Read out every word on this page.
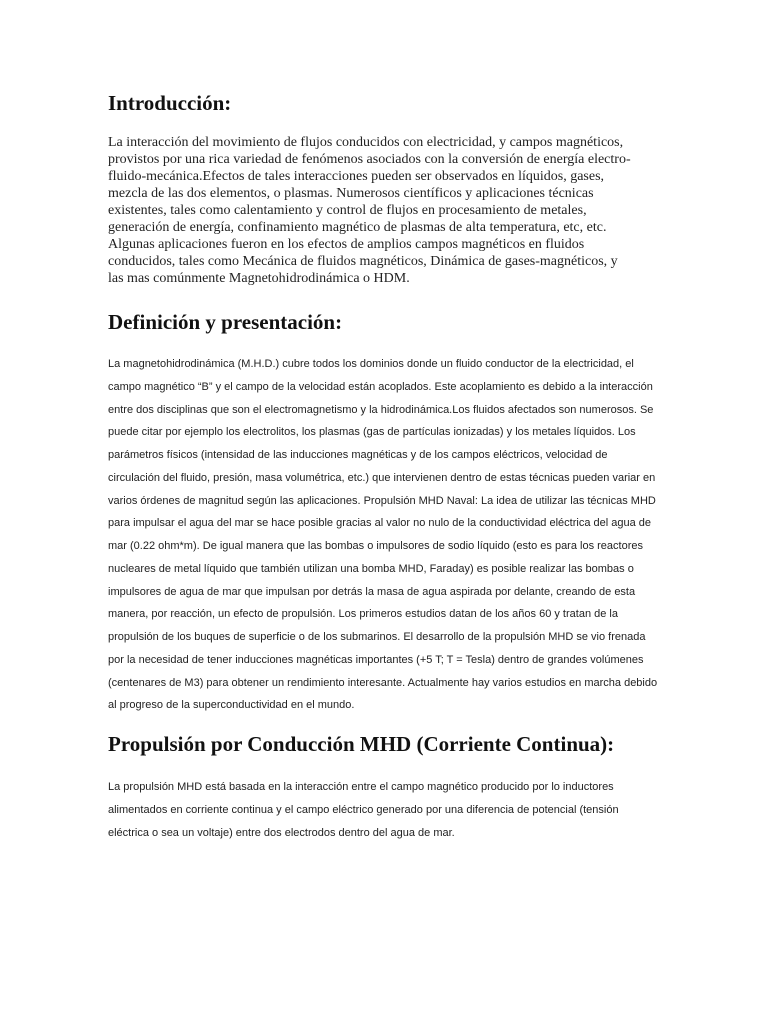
Introducción:

La interacción del movimiento de flujos conducidos con electricidad, y campos magnéticos, provistos por una rica variedad de fenómenos asociados con la conversión de energía electro-fluido-mecánica.Efectos de tales interacciones pueden ser observados en líquidos, gases, mezcla de las dos elementos, o plasmas. Numerosos científicos y aplicaciones técnicas existentes, tales como calentamiento y control de flujos en procesamiento de metales, generación de energía, confinamiento magnético de plasmas de alta temperatura, etc, etc. Algunas aplicaciones fueron en los efectos de amplios campos magnéticos en fluidos conducidos, tales como Mecánica de fluidos magnéticos, Dinámica de gases-magnéticos, y las mas comúnmente Magnetohidrodinámica o HDM.

Definición y presentación:

La magnetohidrodinámica (M.H.D.) cubre todos los dominios donde un fluido conductor de la electricidad, el campo magnético “B” y el campo de la velocidad están acoplados. Este acoplamiento es debido a la interacción entre dos disciplinas que son el electromagnetismo y la hidrodinámica.Los fluidos afectados son numerosos. Se puede citar por ejemplo los electrolitos, los plasmas (gas de partículas ionizadas) y los metales líquidos. Los parámetros físicos (intensidad de las inducciones magnéticas y de los campos eléctricos, velocidad de circulación del fluido, presión, masa volumétrica, etc.) que intervienen dentro de estas técnicas pueden variar en varios órdenes de magnitud según las aplicaciones. Propulsión MHD Naval: La idea de utilizar las técnicas MHD para impulsar el agua del mar se hace posible gracias al valor no nulo de la conductividad eléctrica del agua de mar (0.22 ohm*m). De igual manera que las bombas o impulsores de sodio líquido (esto es para los reactores nucleares de metal líquido que también utilizan una bomba MHD, Faraday) es posible realizar las bombas o impulsores de agua de mar que impulsan por detrás la masa de agua aspirada por delante, creando de esta manera, por reacción, un efecto de propulsión. Los primeros estudios datan de los años 60 y tratan de la propulsión de los buques de superficie o de los submarinos. El desarrollo de la propulsión MHD se vio frenada por la necesidad de tener inducciones magnéticas importantes (+5 T; T = Tesla) dentro de grandes volúmenes (centenares de M3) para obtener un rendimiento interesante. Actualmente hay varios estudios en marcha debido al progreso de la superconductividad en el mundo.

Propulsión por Conducción MHD (Corriente Continua):

La propulsión MHD está basada en la interacción entre el campo magnético producido por lo inductores alimentados en corriente continua y el campo eléctrico generado por una diferencia de potencial (tensión eléctrica o sea un voltaje) entre dos electrodos dentro del agua de mar.
